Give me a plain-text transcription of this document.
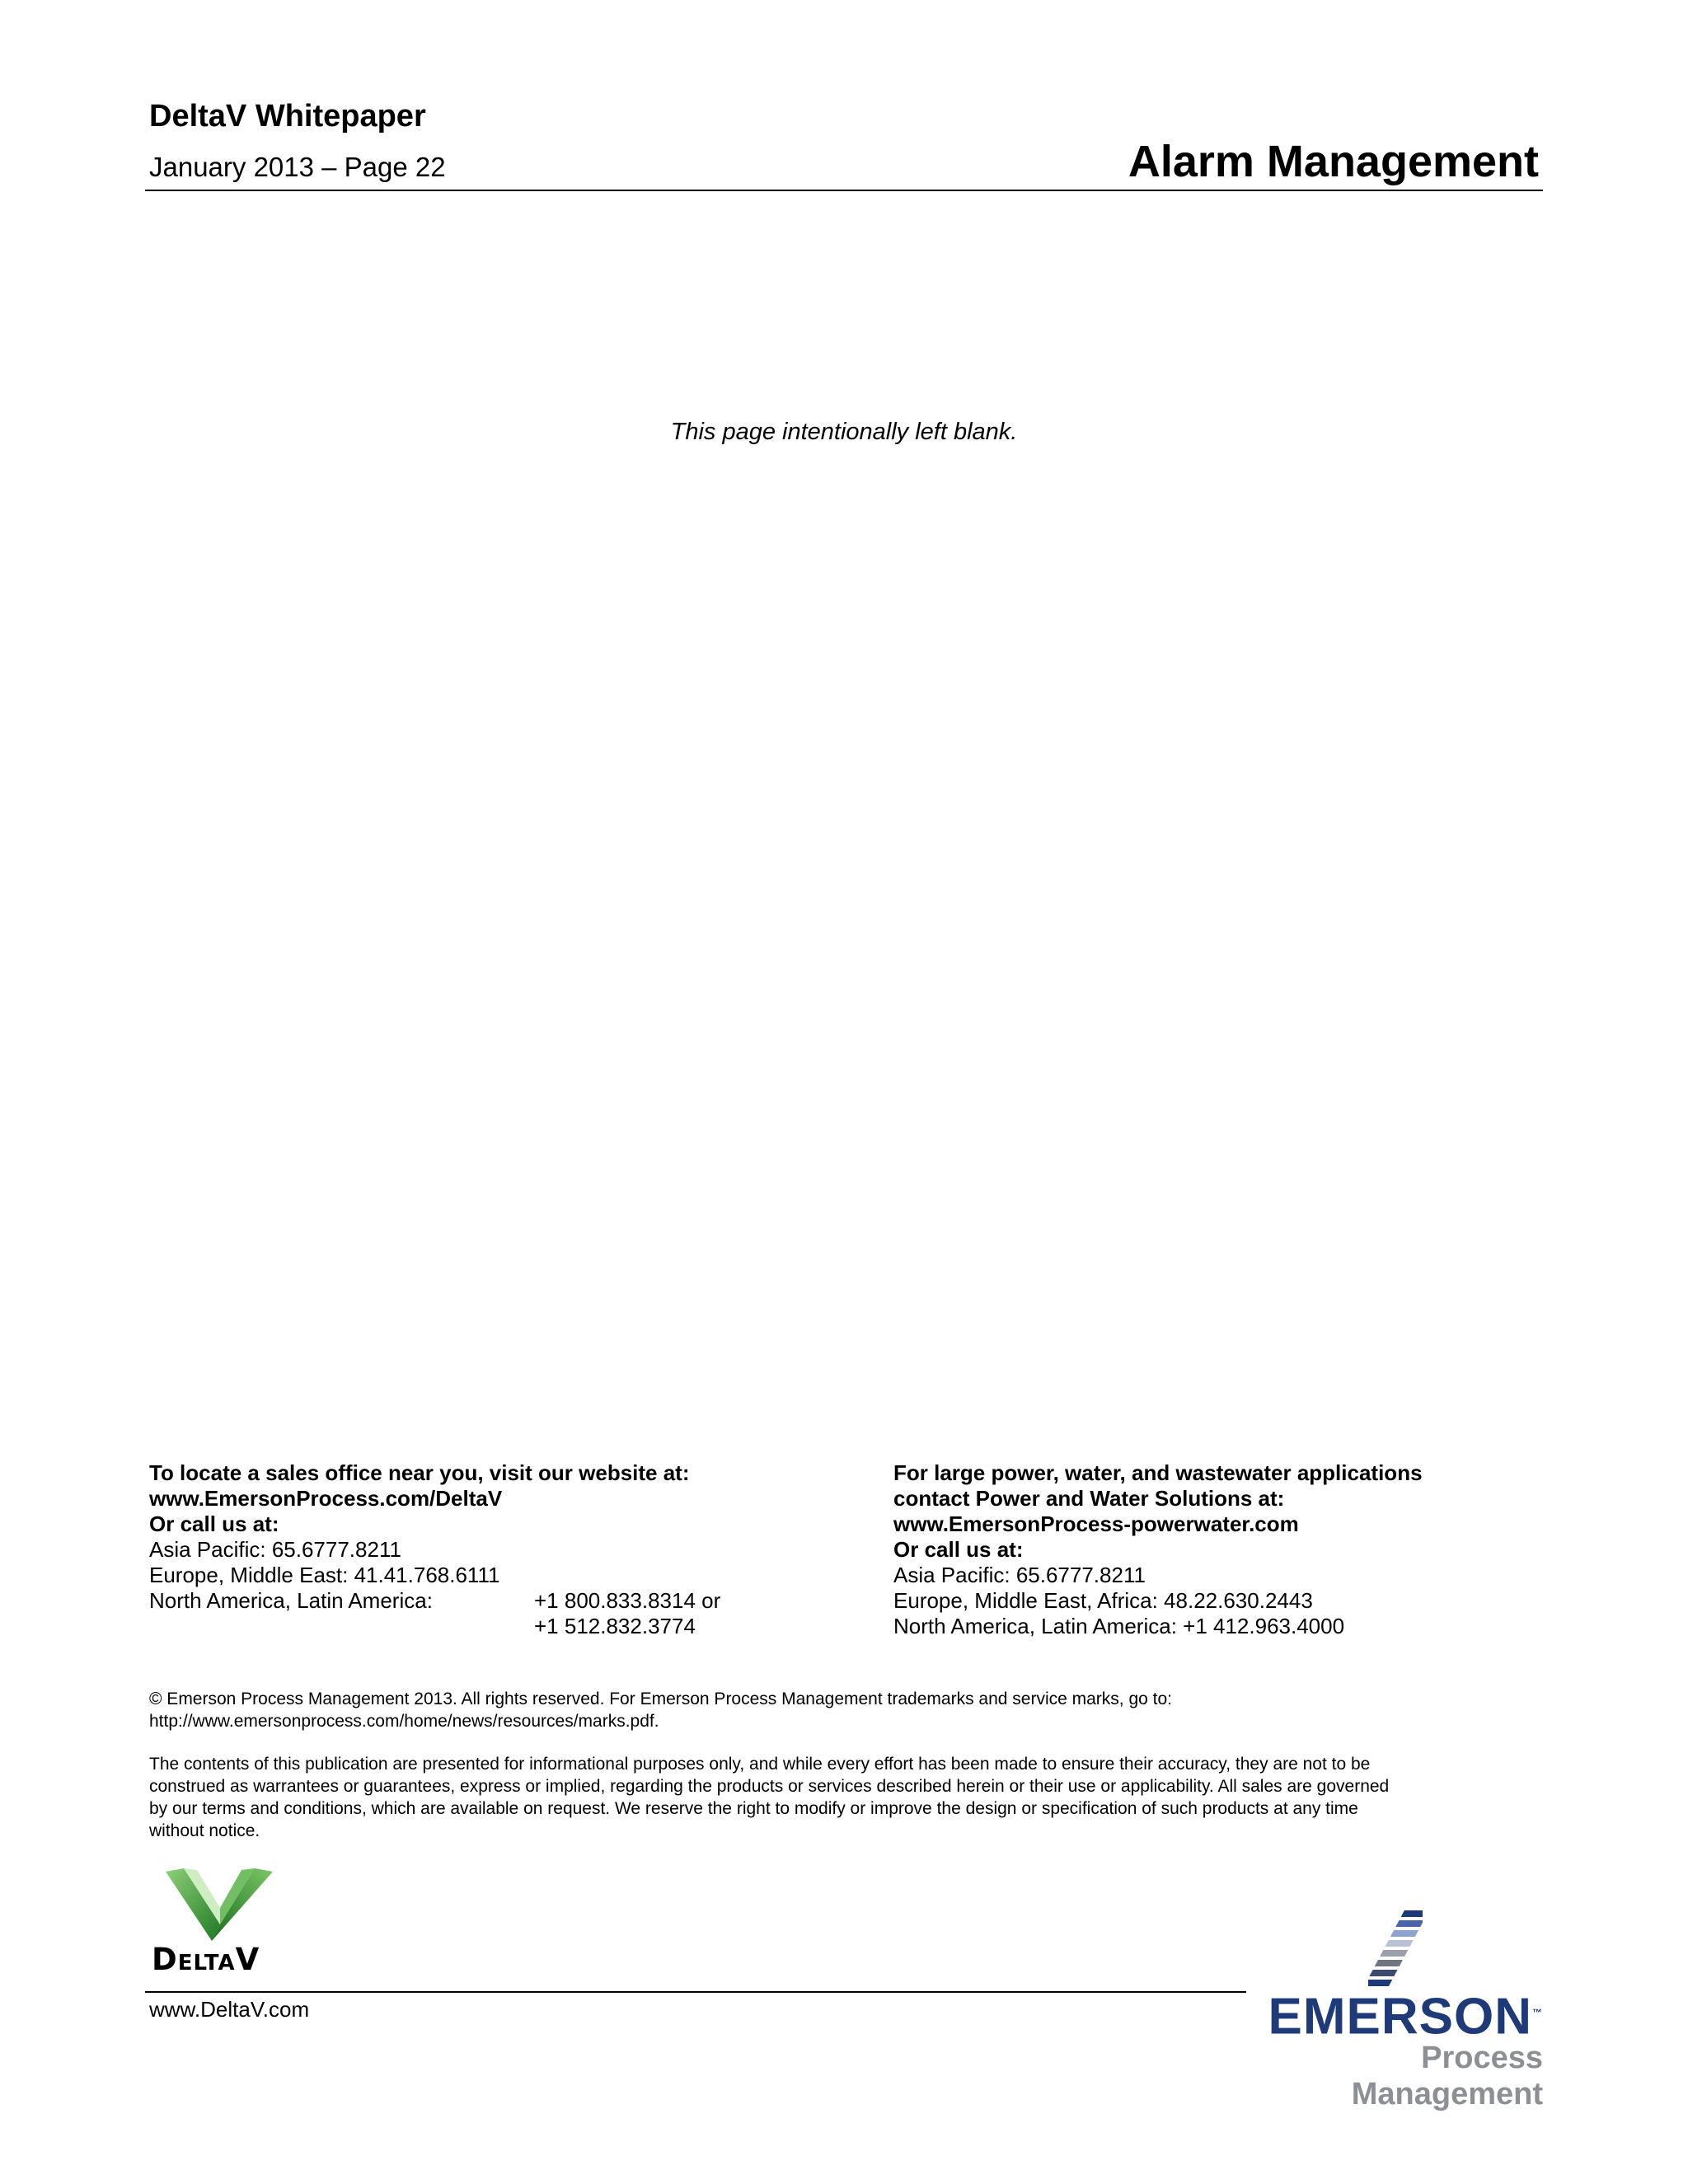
DeltaV Whitepaper
January 2013 – Page 22	Alarm Management
This page intentionally left blank.
To locate a sales office near you, visit our website at:
www.EmersonProcess.com/DeltaV
Or call us at:
Asia Pacific: 65.6777.8211
Europe, Middle East: 41.41.768.6111
North America, Latin America:	+1 800.833.8314 or
+1 512.832.3774
For large power, water, and wastewater applications
contact Power and Water Solutions at:
www.EmersonProcess-powerwater.com
Or call us at:
Asia Pacific: 65.6777.8211
Europe, Middle East, Africa: 48.22.630.2443
North America, Latin America: +1 412.963.4000
© Emerson Process Management 2013. All rights reserved. For Emerson Process Management trademarks and service marks, go to:
http://www.emersonprocess.com/home/news/resources/marks.pdf.
The contents of this publication are presented for informational purposes only, and while every effort has been made to ensure their accuracy, they are not to be
construed as warrantees or guarantees, express or implied, regarding the products or services described herein or their use or applicability. All sales are governed
by our terms and conditions, which are available on request. We reserve the right to modify or improve the design or specification of such products at any time
without notice.
DeltaV
www.DeltaV.com	EMERSON™
Process Management
